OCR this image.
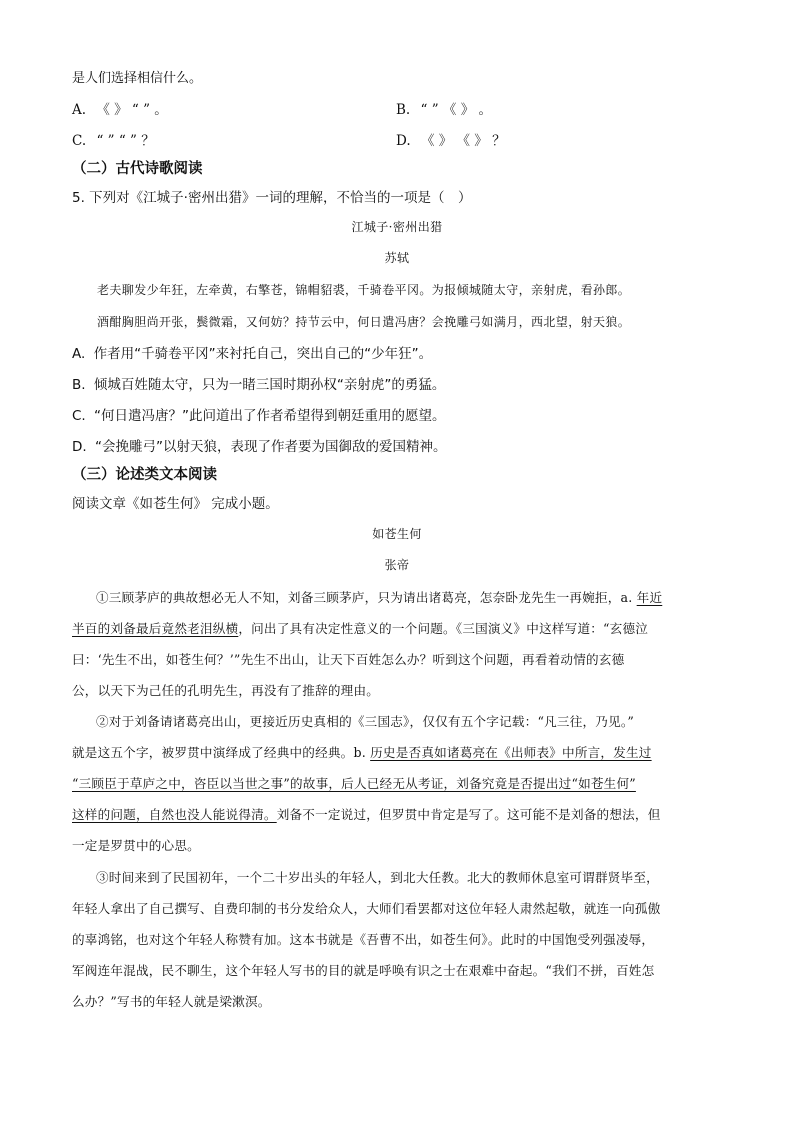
是人们选择相信什么。
A. 《 》 “ ” 。	B. “ ” 《 》 。
C. “ ” “ ” ？	D. 《 》 《 》 ？
（二）古代诗歌阅读
5. 下列对《江城子·密州出猎》一词的理解，不恰当的一项是（　）
江城子·密州出猎
苏轼
老夫聊发少年狂，左牵黄，右擎苍，锦帽貂裘，千骑卷平冈。为报倾城随太守，亲射虎，看孙郎。
酒酣胸胆尚开张，鬓微霜，又何妨？持节云中，何日遣冯唐？会挽雕弓如满月，西北望，射天狼。
A. 作者用“千骑卷平冈”来衬托自己，突出自己的“少年狂”。
B. 倾城百姓随太守，只为一睹三国时期孙权“亲射虎”的勇猛。
C. “何日遣冯唐？”此问道出了作者希望得到朝廷重用的愿望。
D. “会挽雕弓”以射天狼，表现了作者要为国御敌的爱国精神。
（三）论述类文本阅读
阅读文章《如苍生何》 完成小题。
如苍生何
张帝
①三顾茅庐的典故想必无人不知，刘备三顾茅庐，只为请出诸葛亮，怎奈卧龙先生一再婉拒，a. 年近
半百的刘备最后竟然老泪纵横，问出了具有决定性意义的一个问题。《三国演义》中这样写道：“玄德泣
曰：‘先生不出，如苍生何？’”先生不出山，让天下百姓怎么办？听到这个问题，再看着动情的玄德
公，以天下为己任的孔明先生，再没有了推辞的理由。
②对于刘备请诸葛亮出山，更接近历史真相的《三国志》，仅仅有五个字记载：“凡三往，乃见。”
就是这五个字，被罗贯中演绎成了经典中的经典。b. 历史是否真如诸葛亮在《出师表》中所言，发生过
“三顾臣于草庐之中，咨臣以当世之事”的故事，后人已经无从考证，刘备究竟是否提出过“如苍生何”
这样的问题，自然也没人能说得清。刘备不一定说过，但罗贯中肯定是写了。这可能不是刘备的想法，但
一定是罗贯中的心思。
③时间来到了民国初年，一个二十岁出头的年轻人，到北大任教。北大的教师休息室可谓群贤毕至，
年轻人拿出了自己撰写、自费印制的书分发给众人，大师们看罢都对这位年轻人肃然起敬，就连一向孤傲
的辜鸿铭，也对这个年轻人称赞有加。这本书就是《吾曹不出，如苍生何》。此时的中国饱受列强凌辱，
军阀连年混战，民不聊生，这个年轻人写书的目的就是呼唤有识之士在艰难中奋起。“我们不拼，百姓怎
么办？”写书的年轻人就是梁漱溟。
